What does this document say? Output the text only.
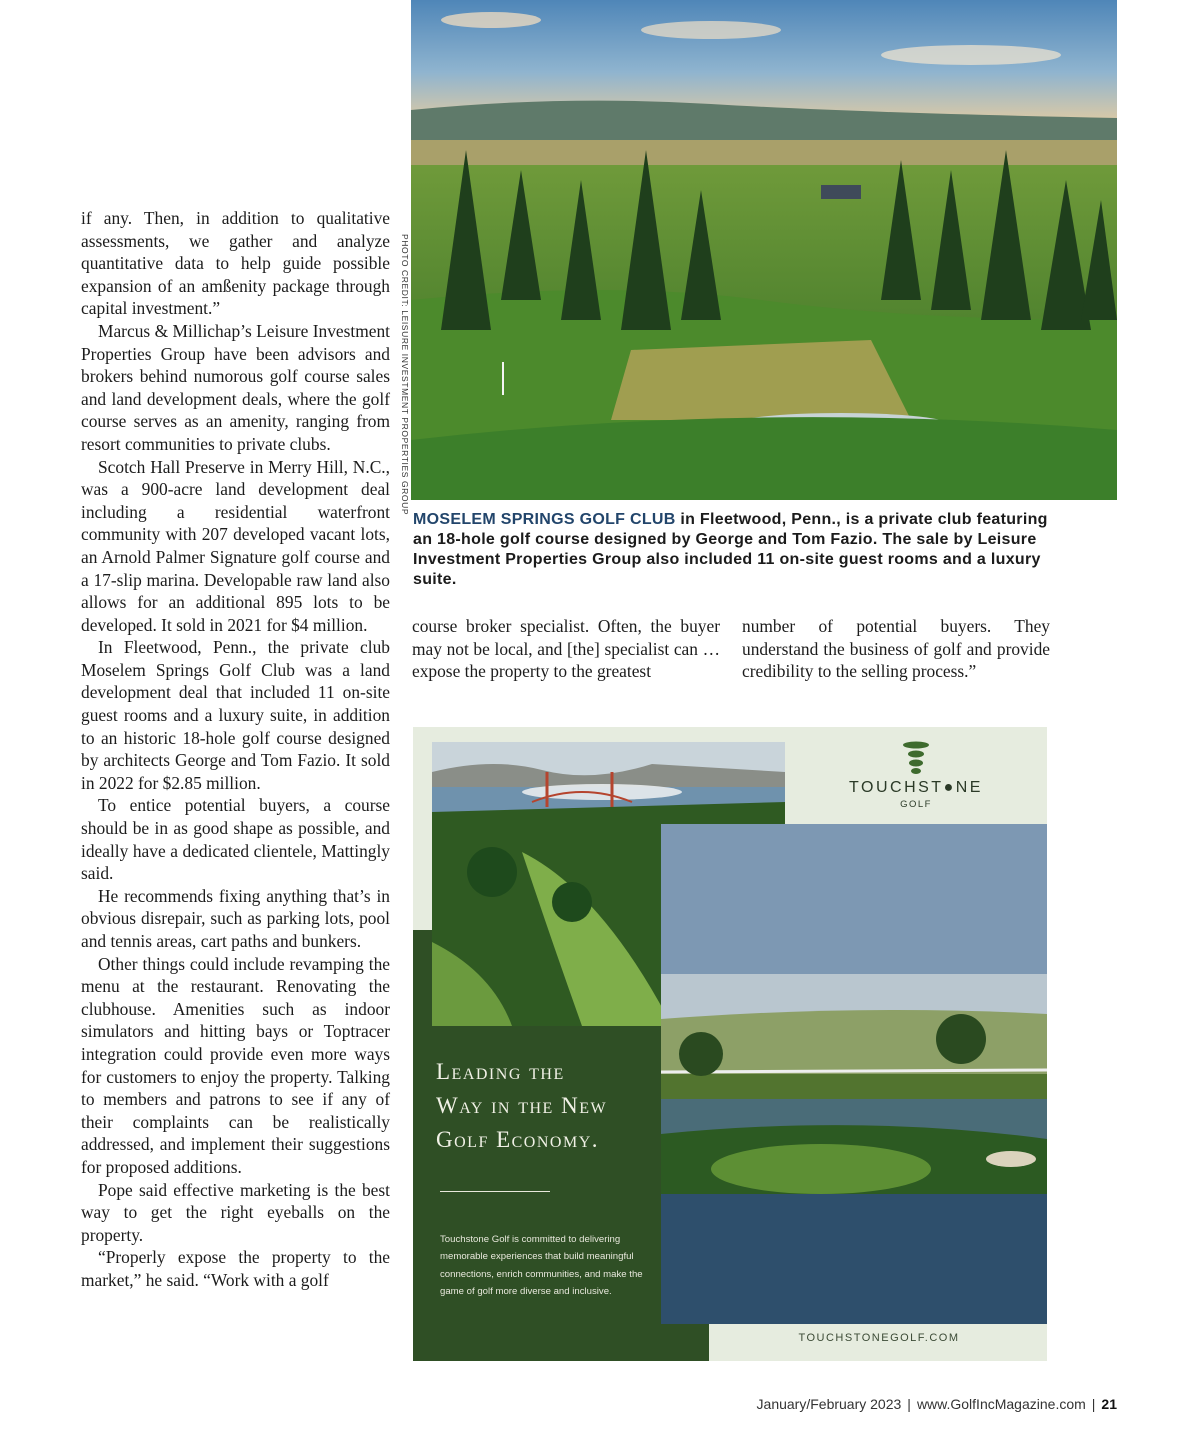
if any. Then, in addition to qualitative assessments, we gather and analyze quantitative data to help guide possible expansion of an amßenity package through capital investment.”

Marcus & Millichap’s Leisure Investment Properties Group have been advisors and brokers behind numorous golf course sales and land development deals, where the golf course serves as an amenity, ranging from resort communities to private clubs.

Scotch Hall Preserve in Merry Hill, N.C., was a 900-acre land development deal including a residential waterfront community with 207 developed vacant lots, an Arnold Palmer Signature golf course and a 17-slip marina. Developable raw land also allows for an additional 895 lots to be developed. It sold in 2021 for $4 million.

In Fleetwood, Penn., the private club Moselem Springs Golf Club was a land development deal that included 11 on-site guest rooms and a luxury suite, in addition to an historic 18-hole golf course designed by architects George and Tom Fazio. It sold in 2022 for $2.85 million.

To entice potential buyers, a course should be in as good shape as possible, and ideally have a dedicated clientele, Mattingly said.

He recommends fixing anything that’s in obvious disrepair, such as parking lots, pool and tennis areas, cart paths and bunkers.

Other things could include revamping the menu at the restaurant. Renovating the clubhouse. Amenities such as indoor simulators and hitting bays or Toptracer integration could provide even more ways for customers to enjoy the property. Talking to members and patrons to see if any of their complaints can be realistically addressed, and implement their suggestions for proposed additions.

Pope said effective marketing is the best way to get the right eyeballs on the property.

“Properly expose the property to the market,” he said. “Work with a golf

PHOTO CREDIT: LEISURE INVESTMENT PROPERTIES GROUP
MOSELEM SPRINGS GOLF CLUB in Fleetwood, Penn., is a private club featuring an 18-hole golf course designed by George and Tom Fazio. The sale by Leisure Investment Properties Group also included 11 on-site guest rooms and a luxury suite.

course broker specialist. Often, the buyer may not be local, and [the] specialist can … expose the property to the greatest

number of potential buyers. They understand the business of golf and provide credibility to the selling process.”

TOUCHST●NE
GOLF
Leading the
Way in the New
Golf Economy.
Touchstone Golf is committed to delivering memorable experiences that build meaningful connections, enrich communities, and make the game of golf more diverse and inclusive.
TOUCHSTONEGOLF.COM
January/February 2023 | www.GolfIncMagazine.com | 21
